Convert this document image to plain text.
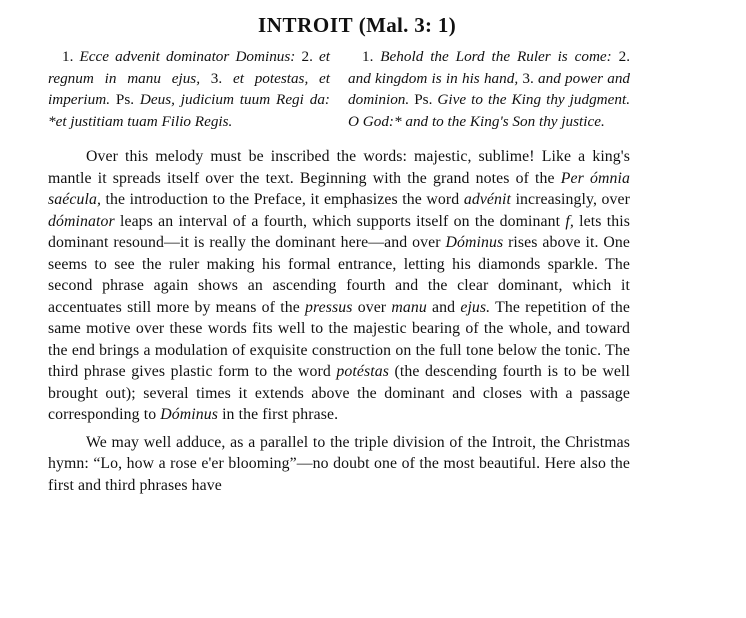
INTROIT (Mal. 3: 1)

1. Ecce advenit dominator Dominus: 2. et regnum in manu ejus, 3. et potestas, et imperium. Ps. Deus, judicium tuum Regi da: *et justitiam tuam Filio Regis.

1. Behold the Lord the Ruler is come: 2. and kingdom is in his hand, 3. and power and dominion. Ps. Give to the King thy judgment. O God:* and to the King's Son thy justice.

Over this melody must be inscribed the words: majestic, sublime! Like a king's mantle it spreads itself over the text. Beginning with the grand notes of the Per ómnia saécula, the introduction to the Preface, it emphasizes the word advénit increasingly, over dóminator leaps an interval of a fourth, which supports itself on the dominant f, lets this dominant resound—it is really the dominant here—and over Dóminus rises above it. One seems to see the ruler making his formal entrance, letting his diamonds sparkle. The second phrase again shows an ascending fourth and the clear dominant, which it accentuates still more by means of the pressus over manu and ejus. The repetition of the same motive over these words fits well to the majestic bearing of the whole, and toward the end brings a modulation of exquisite construction on the full tone below the tonic. The third phrase gives plastic form to the word potéstas (the descending fourth is to be well brought out); several times it extends above the dominant and closes with a passage corresponding to Dóminus in the first phrase.

We may well adduce, as a parallel to the triple division of the Introit, the Christmas hymn: “Lo, how a rose e'er blooming”—no doubt one of the most beautiful. Here also the first and third phrases have
